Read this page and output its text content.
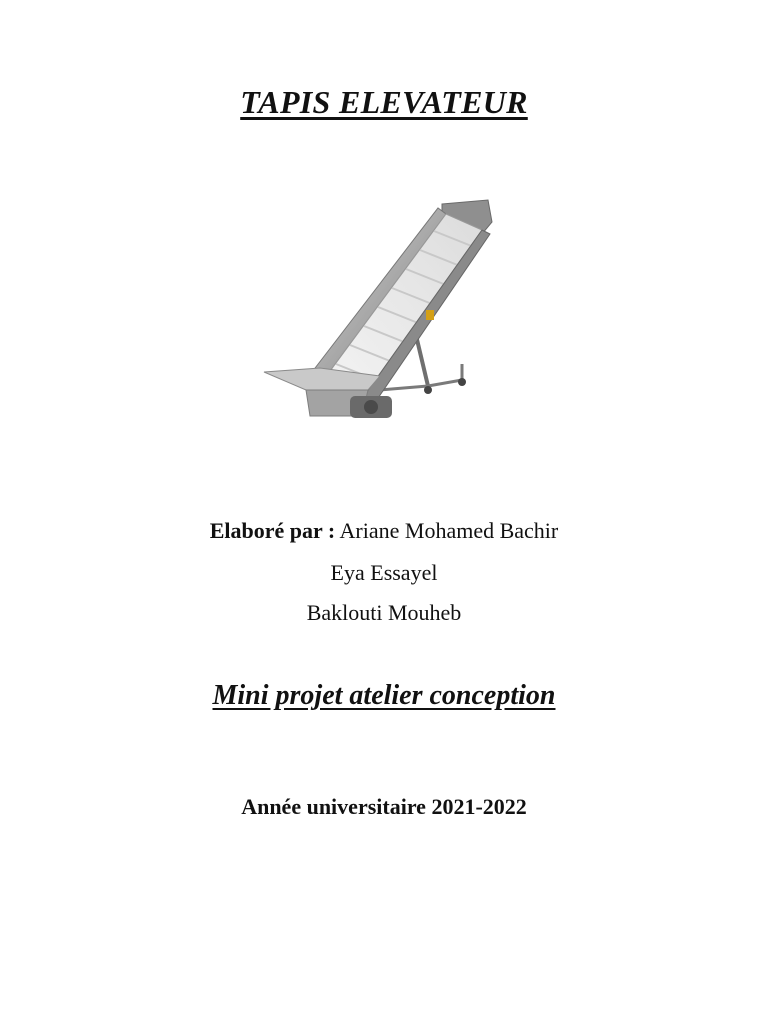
TAPIS ELEVATEUR
Elaboré par : Ariane Mohamed Bachir
Eya Essayel
Baklouti Mouheb
Mini projet atelier conception
Année universitaire 2021-2022
